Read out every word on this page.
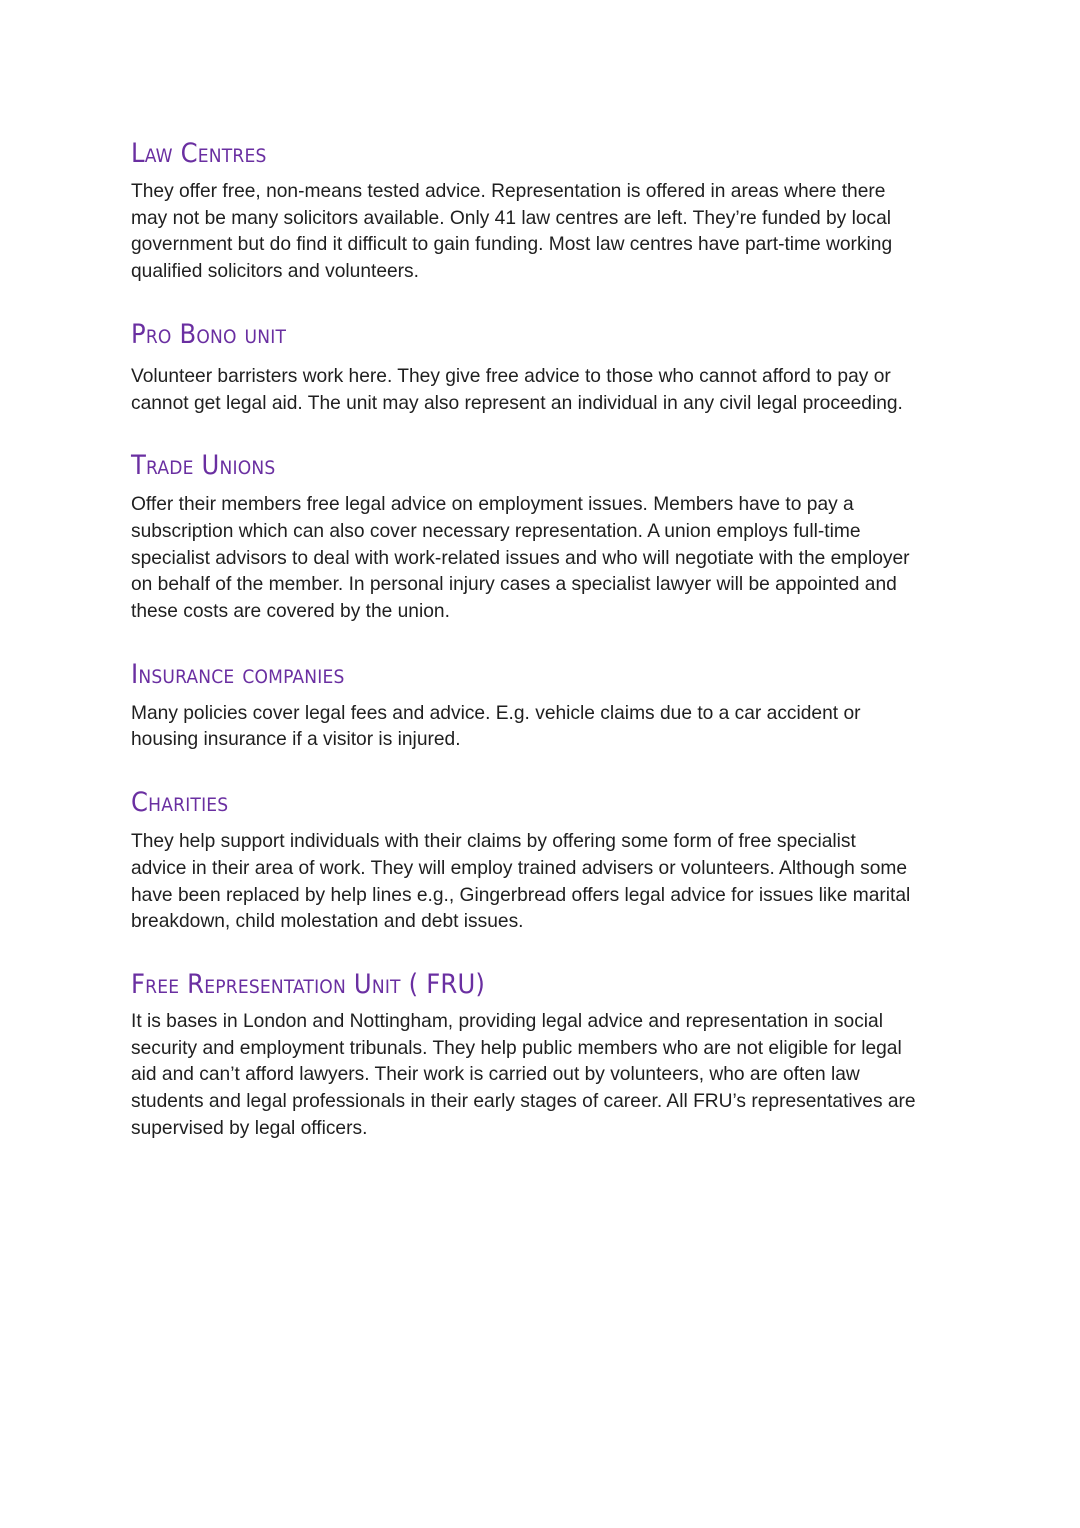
Law Centres

They offer free, non-means tested advice. Representation is offered in areas where there
may not be many solicitors available. Only 41 law centres are left. They’re funded by local
government but do find it difficult to gain funding. Most law centres have part-time working
qualified solicitors and volunteers.

Pro Bono unit

Volunteer barristers work here. They give free advice to those who cannot afford to pay or
cannot get legal aid. The unit may also represent an individual in any civil legal proceeding.

Trade Unions

Offer their members free legal advice on employment issues. Members have to pay a
subscription which can also cover necessary representation. A union employs full-time
specialist advisors to deal with work-related issues and who will negotiate with the employer
on behalf of the member. In personal injury cases a specialist lawyer will be appointed and
these costs are covered by the union.

Insurance companies

Many policies cover legal fees and advice. E.g. vehicle claims due to a car accident or
housing insurance if a visitor is injured.

Charities

They help support individuals with their claims by offering some form of free specialist
advice in their area of work. They will employ trained advisers or volunteers. Although some
have been replaced by help lines e.g., Gingerbread offers legal advice for issues like marital
breakdown, child molestation and debt issues.

Free Representation Unit ( FRU)

It is bases in London and Nottingham, providing legal advice and representation in social
security and employment tribunals. They help public members who are not eligible for legal
aid and can’t afford lawyers. Their work is carried out by volunteers, who are often law
students and legal professionals in their early stages of career. All FRU’s representatives are
supervised by legal officers.
